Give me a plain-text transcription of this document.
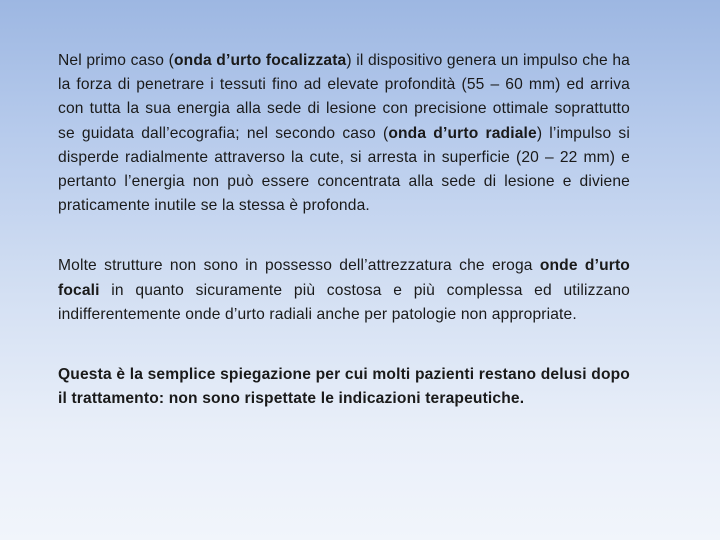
Nel primo caso (onda d’urto focalizzata) il dispositivo genera un impulso che ha la forza di penetrare i tessuti fino ad elevate profondità (55 – 60 mm) ed arriva con tutta la sua energia alla sede di lesione con precisione ottimale soprattutto se guidata dall’ecografia; nel secondo caso (onda d’urto radiale) l’impulso si disperde radialmente attraverso la cute, si arresta in superficie (20 – 22 mm) e pertanto l’energia non può essere concentrata alla sede di lesione e diviene praticamente inutile se la stessa è profonda.

Molte strutture non sono in possesso dell’attrezzatura che eroga onde d’urto focali in quanto sicuramente più costosa e più complessa ed utilizzano indifferentemente onde d’urto radiali anche per patologie non appropriate.

Questa è la semplice spiegazione per cui molti pazienti restano delusi dopo il trattamento: non sono rispettate le indicazioni terapeutiche.
